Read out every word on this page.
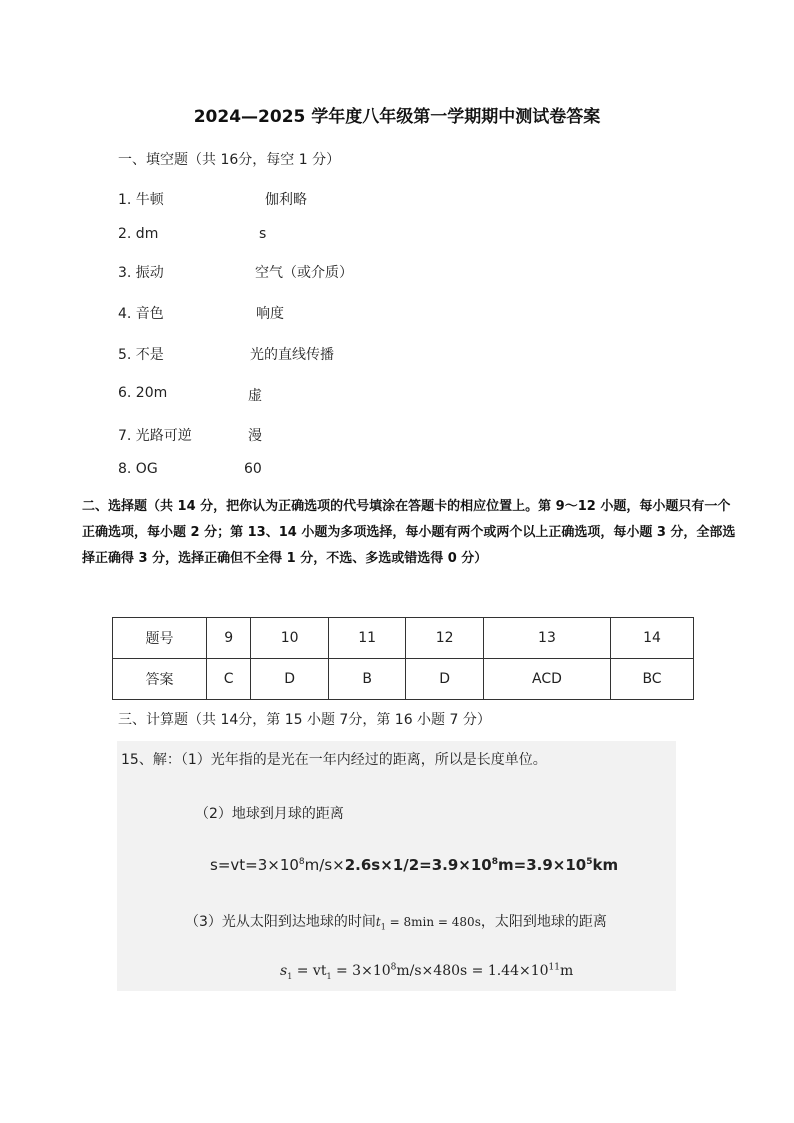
2024—2025 学年度八年级第一学期期中测试卷答案
一、填空题（共 16分，每空 1 分）
1. 牛顿	伽利略
2. dm	s
3. 振动	空气（或介质）
4. 音色	响度
5. 不是	光的直线传播
6. 20m	虚
7. 光路可逆	漫
8. OG	60
二、选择题（共 14 分，把你认为正确选项的代号填涂在答题卡的相应位置上。第 9～12 小题，每小题只有一个正确选项，每小题 2 分；第 13、14 小题为多项选择，每小题有两个或两个以上正确选项，每小题 3 分，全部选择正确得 3 分，选择正确但不全得 1 分，不选、多选或错选得 0 分）
题号	9	10	11	12	13	14
答案	C	D	B	D	ACD	BC
三、计算题（共 14分，第 15 小题 7分，第 16 小题 7 分）
15、解：（1）光年指的是光在一年内经过的距离，所以是长度单位。
（2）地球到月球的距离
$s=vt=3\times 10^8m/s\times 2.6s\times 1/2=3.9\times 10^8m=3.9\times 10^5km$
（3）光从太阳到达地球的时间$t_1 = 8\min = 480s$，太阳到地球的距离
$s_1 = vt_1 = 3\times 10^8m/s\times 480s = 1.44\times 10^{11}m$
